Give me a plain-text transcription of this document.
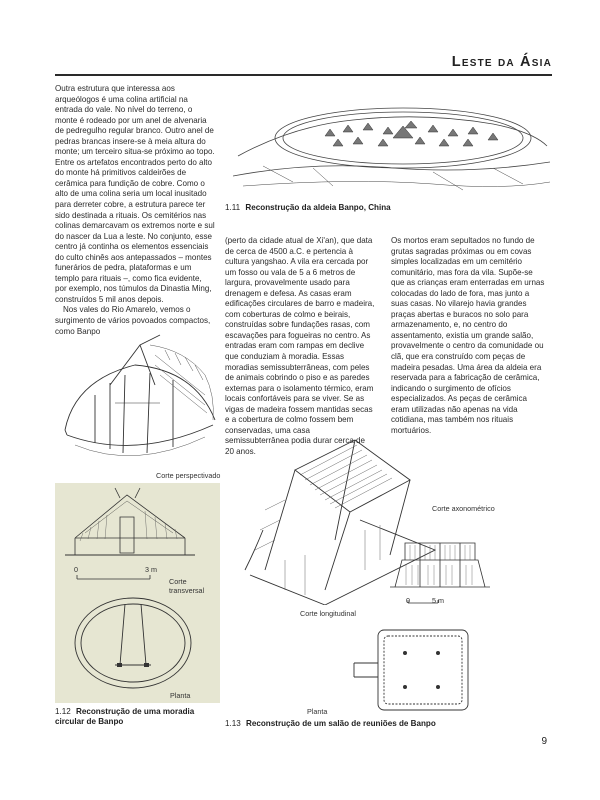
Leste da Ásia

Outra estrutura que interessa aos arqueólogos é uma colina artificial na entrada do vale. No nível do terreno, o monte é rodeado por um anel de alvenaria de pedregulho regular branco. Outro anel de pedras brancas insere-se à meia altura do monte; um terceiro situa-se próximo ao topo. Entre os artefatos encontrados perto do alto do monte há primitivos caldeirões de cerâmica para fundição de cobre. Como o alto de uma colina seria um local inusitado para derreter cobre, a estrutura parece ter sido destinada a rituais. Os cemitérios nas colinas demarcavam os extremos norte e sul do nascer da Lua a leste. No conjunto, esse centro já continha os elementos essenciais do culto chinês aos antepassados – montes funerários de pedra, plataformas e um templo para rituais –, como fica evidente, por exemplo, nos túmulos da Dinastia Ming, construídos 5 mil anos depois.

Nos vales do Rio Amarelo, vemos o surgimento de vários povoados compactos, como Banpo

1.11 Reconstrução da aldeia Banpo, China

(perto da cidade atual de Xi'an), que data de cerca de 4500 a.C. e pertencia à cultura yangshao. A vila era cercada por um fosso ou vala de 5 a 6 metros de largura, provavelmente usado para drenagem e defesa. As casas eram edificações circulares de barro e madeira, com coberturas de colmo e beirais, construídas sobre fundações rasas, com escavações para fogueiras no centro. As entradas eram com rampas em declive que conduziam à moradia. Essas moradias semissubterrâneas, com peles de animais cobrindo o piso e as paredes externas para o isolamento térmico, eram locais confortáveis para se viver. Se as vigas de madeira fossem mantidas secas e a cobertura de colmo fossem bem conservadas, uma casa semissubterrânea podia durar cerca de 20 anos.

Os mortos eram sepultados no fundo de grutas sagradas próximas ou em covas simples localizadas em um cemitério comunitário, mas fora da vila. Supõe-se que as crianças eram enterradas em urnas colocadas do lado de fora, mas junto a suas casas. No vilarejo havia grandes praças abertas e buracos no solo para armazenamento, e, no centro do assentamento, existia um grande salão, provavelmente o centro da comunidade ou clã, que era construído com peças de madeira pesadas. Uma área da aldeia era reservada para a fabricação de cerâmica, indicando o surgimento de ofícios especializados. As peças de cerâmica eram utilizadas não apenas na vida cotidiana, mas também nos rituais mortuários.

Corte perspectivado
0	3 m
Corte transversal
Planta
1.12 Reconstrução de uma moradia circular de Banpo
Corte axonométrico
0	5 m
Corte longitudinal
Planta
1.13 Reconstrução de um salão de reuniões de Banpo
9
